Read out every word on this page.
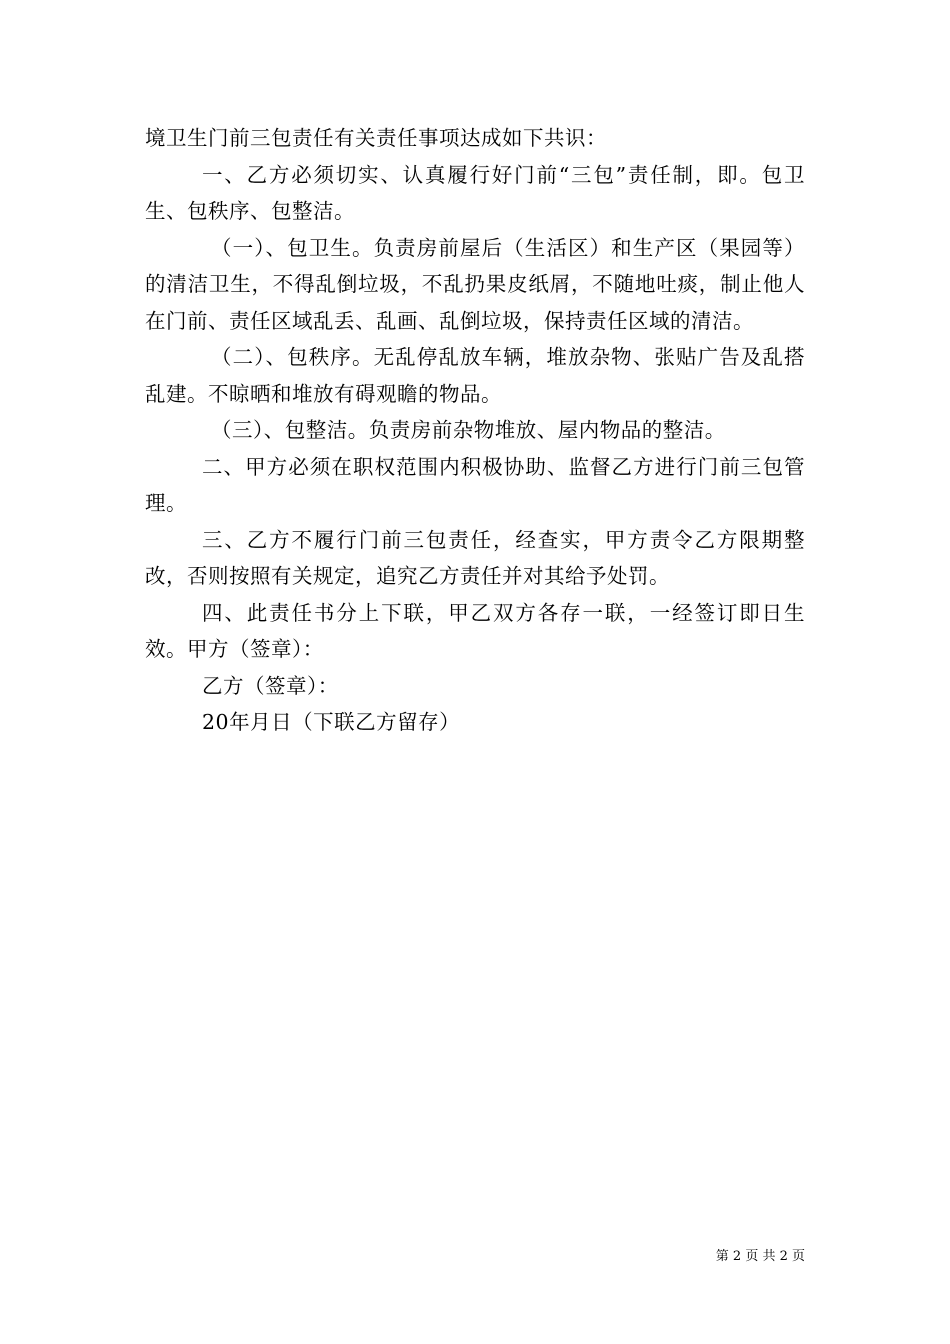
境卫生门前三包责任有关责任事项达成如下共识：

一、乙方必须切实、认真履行好门前“三包”责任制，即。包卫生、包秩序、包整洁。

（一）、包卫生。负责房前屋后（生活区）和生产区（果园等）的清洁卫生，不得乱倒垃圾，不乱扔果皮纸屑，不随地吐痰，制止他人在门前、责任区域乱丢、乱画、乱倒垃圾，保持责任区域的清洁。

（二）、包秩序。无乱停乱放车辆，堆放杂物、张贴广告及乱搭乱建。不晾晒和堆放有碍观瞻的物品。

（三）、包整洁。负责房前杂物堆放、屋内物品的整洁。

二、甲方必须在职权范围内积极协助、监督乙方进行门前三包管理。

三、乙方不履行门前三包责任，经查实，甲方责令乙方限期整改，否则按照有关规定，追究乙方责任并对其给予处罚。

四、此责任书分上下联，甲乙双方各存一联，一经签订即日生效。甲方（签章）：

乙方（签章）：

20年月日（下联乙方留存）

第 2 页 共 2 页
